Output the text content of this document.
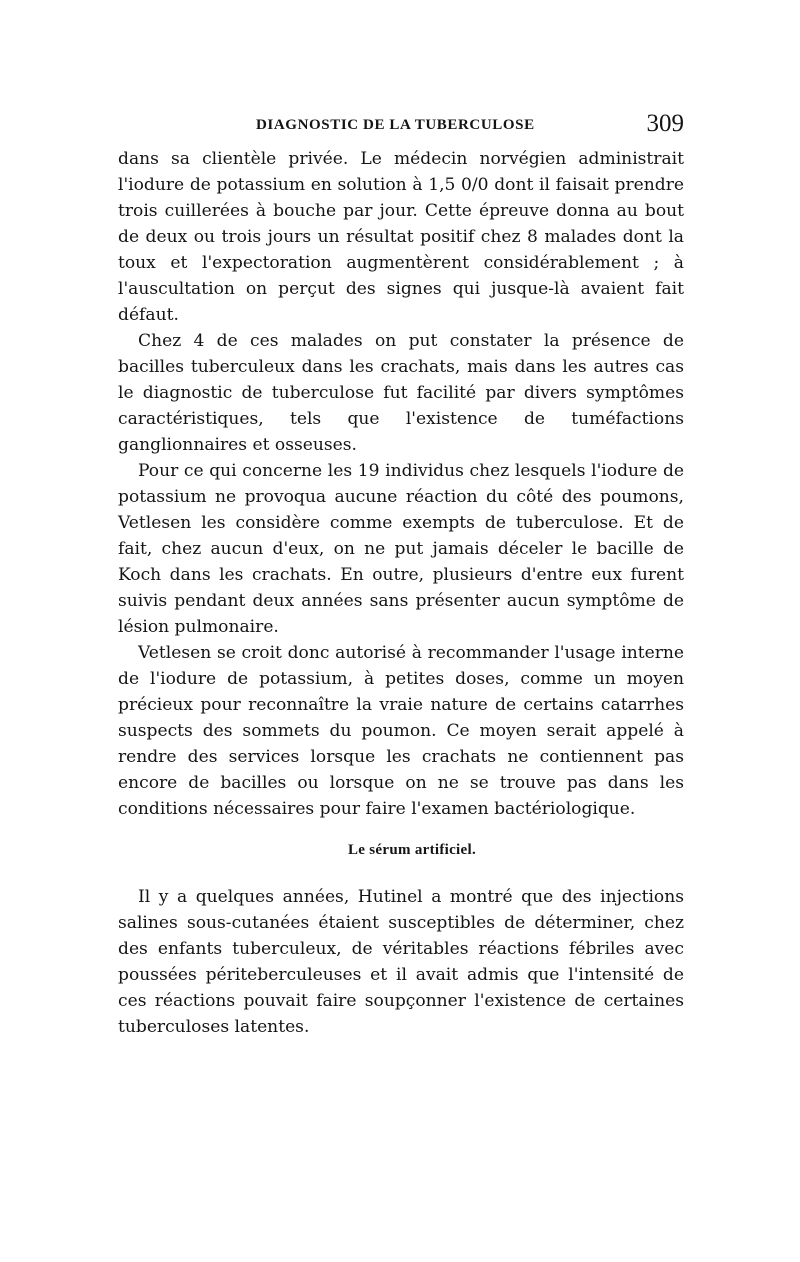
DIAGNOSTIC DE LA TUBERCULOSE	309

dans sa clientèle privée. Le médecin norvégien administrait l'iodure de potassium en solution à 1,5 0/0 dont il faisait prendre trois cuillerées à bouche par jour. Cette épreuve donna au bout de deux ou trois jours un résultat positif chez 8 malades dont la toux et l'expectoration augmentèrent considérablement ; à l'auscultation on perçut des signes qui jusque-là avaient fait défaut.

Chez 4 de ces malades on put constater la présence de bacilles tuberculeux dans les crachats, mais dans les autres cas le diagnostic de tuberculose fut facilité par divers symptômes caractéristiques, tels que l'existence de tuméfactions ganglionnaires et osseuses.

Pour ce qui concerne les 19 individus chez lesquels l'iodure de potassium ne provoqua aucune réaction du côté des poumons, Vetlesen les considère comme exempts de tuberculose. Et de fait, chez aucun d'eux, on ne put jamais déceler le bacille de Koch dans les crachats. En outre, plusieurs d'entre eux furent suivis pendant deux années sans présenter aucun symptôme de lésion pulmonaire.

Vetlesen se croit donc autorisé à recommander l'usage interne de l'iodure de potassium, à petites doses, comme un moyen précieux pour reconnaître la vraie nature de certains catarrhes suspects des sommets du poumon. Ce moyen serait appelé à rendre des services lorsque les crachats ne contiennent pas encore de bacilles ou lorsque on ne se trouve pas dans les conditions nécessaires pour faire l'examen bactériologique.

Le sérum artificiel.

Il y a quelques années, Hutinel a montré que des injections salines sous-cutanées étaient susceptibles de déterminer, chez des enfants tuberculeux, de véritables réactions fébriles avec poussées périteberculeuses et il avait admis que l'intensité de ces réactions pouvait faire soupçonner l'existence de certaines tuberculoses latentes.
